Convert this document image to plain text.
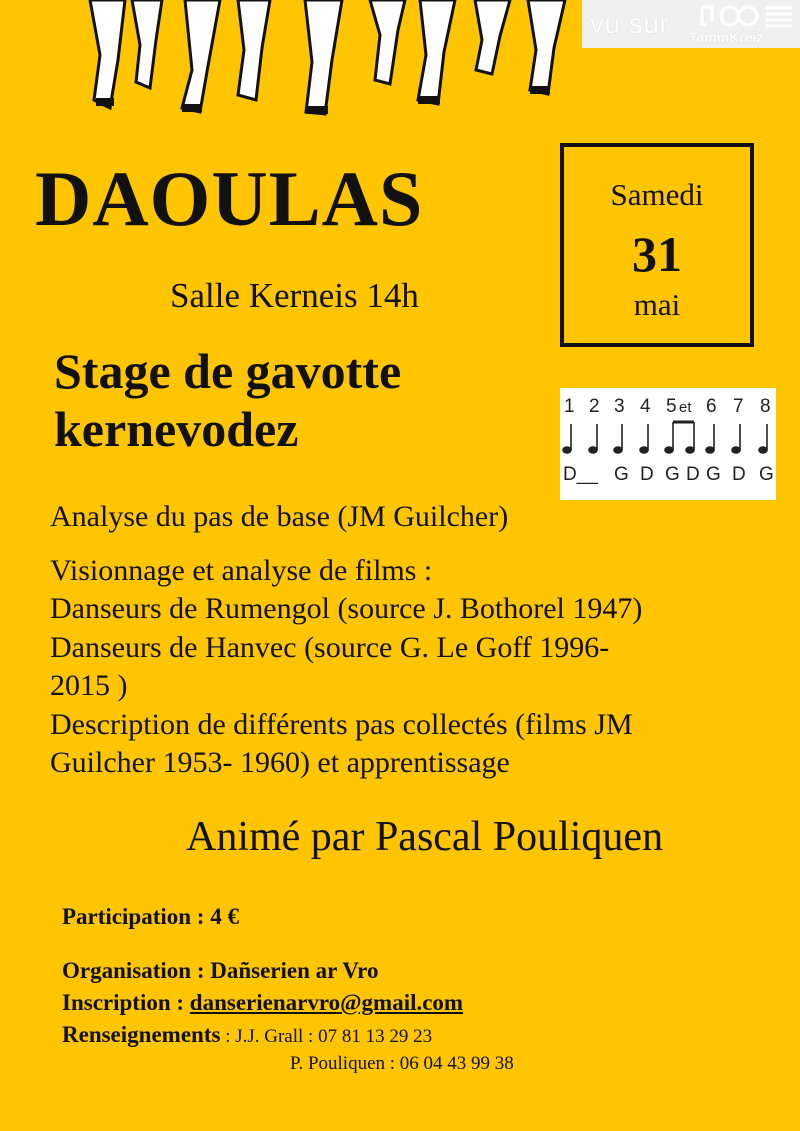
vu sur TammKreiz
DAOULAS
Salle Kerneis 14h
Samedi
31
mai
Stage de gavotte
kernevodez	1 2 3 4 5 et 6 7 8
D__ G D G D G D G
Analyse du pas de base (JM Guilcher)
Visionnage et analyse de films :
Danseurs de Rumengol (source J. Bothorel 1947)
Danseurs de Hanvec (source G. Le Goff 1996-
2015 )
Description de différents pas collectés (films JM
Guilcher 1953- 1960) et apprentissage
Animé par Pascal Pouliquen
Participation : 4 €
Organisation : Dañserien ar Vro
Inscription : danserienarvro@gmail.com
Renseignements : J.J. Grall : 07 81 13 29 23
P. Pouliquen : 06 04 43 99 38
